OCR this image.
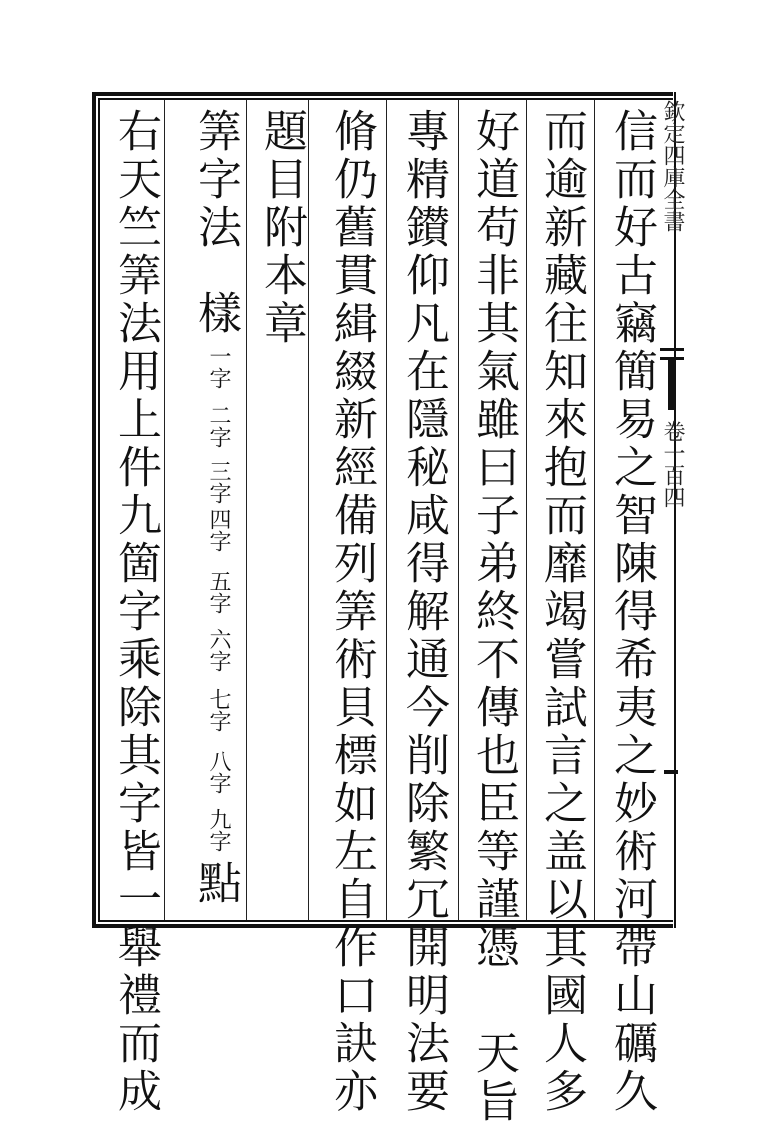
信而好古竊簡易之智陳得希夷之妙術河帶山礪久
而逾新藏往知來抱而靡竭嘗試言之盖以其國人多
好道苟非其氣雖曰子弟終不傳也臣等謹憑天旨
專精鑚仰凡在隱秘咸得解通今削除繁冗開明法要
脩仍舊貫緝綴新經備列筭術貝標如左自作口訣亦
題目附本章
筭字法
樣
一字
二字
三字
四字
五字
六字
七字
八字
九字
點
右天竺筭法用上件九箇字乘除其字皆一舉禮而成	欽定四庫全書
卷一百四
